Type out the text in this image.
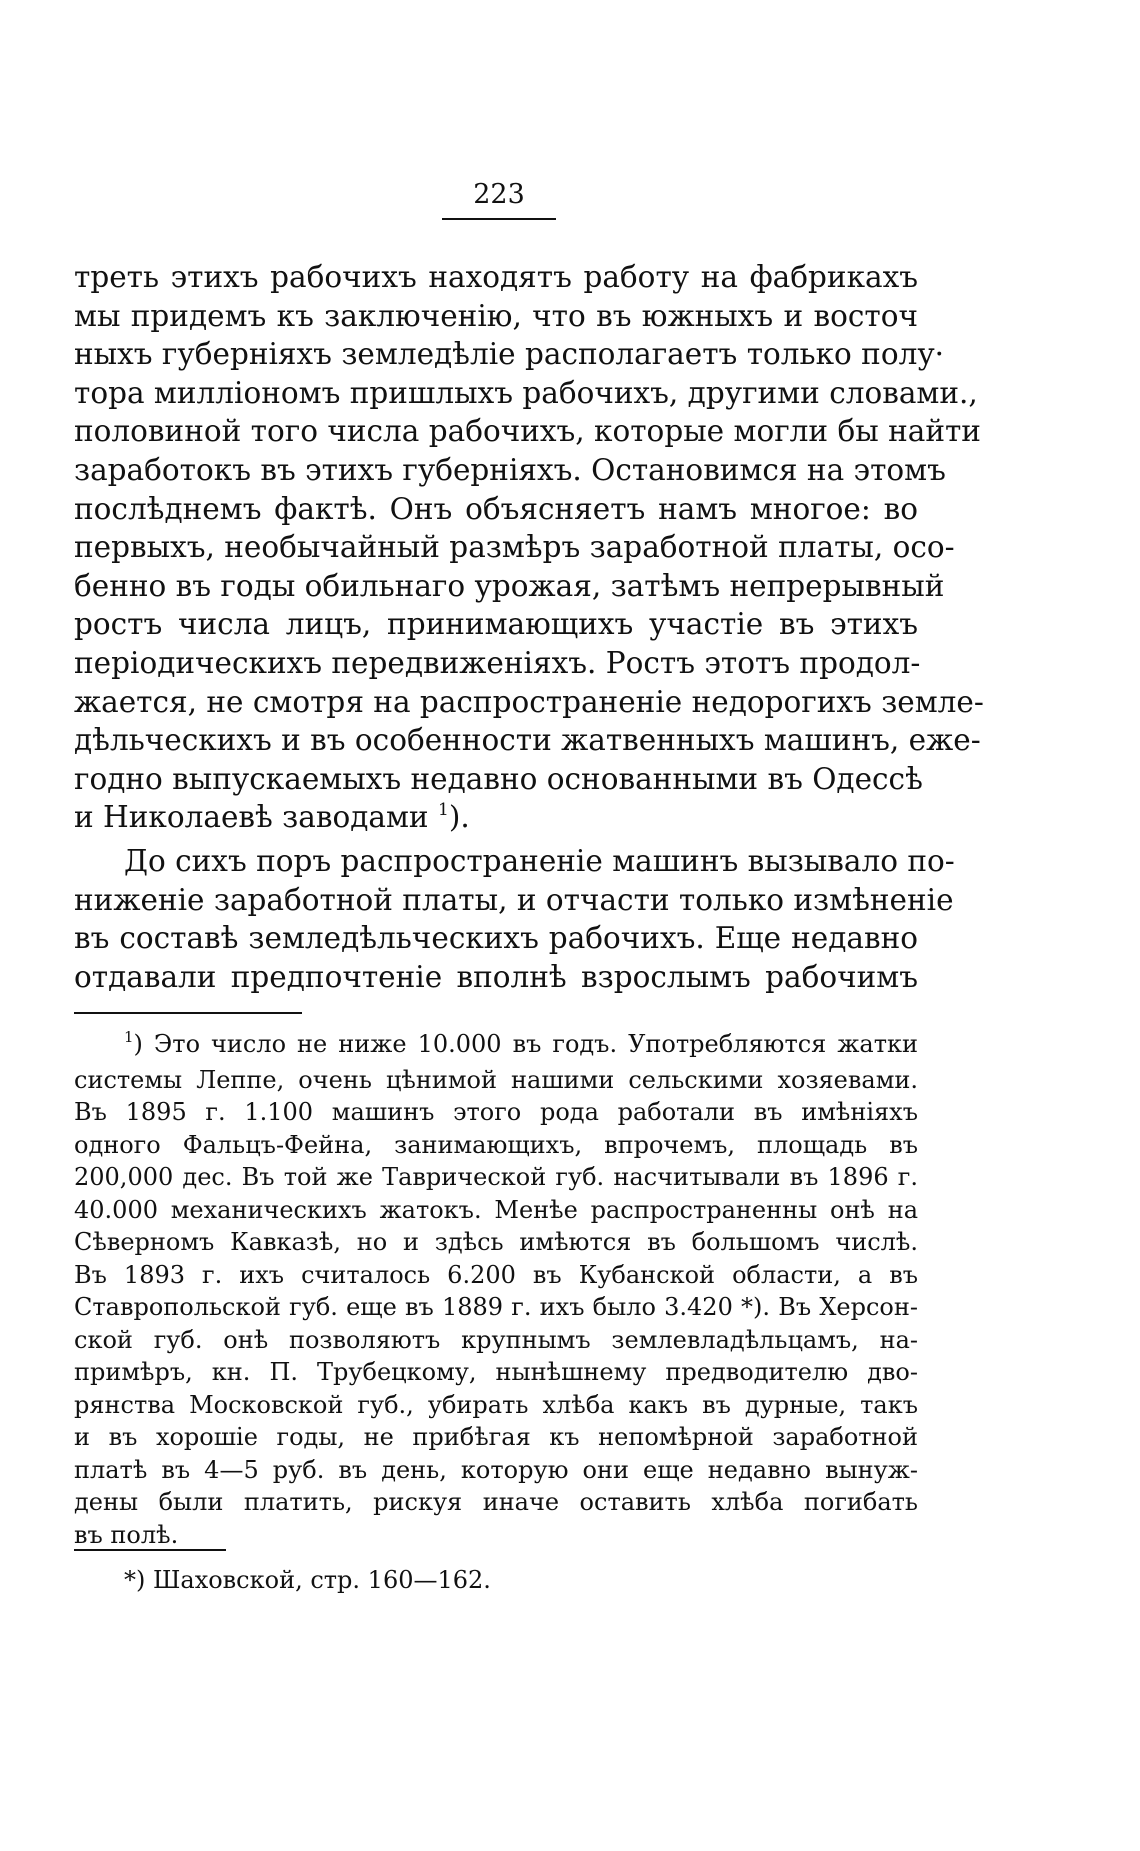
223
треть этихъ рабочихъ находятъ работу на фабрикахъ
мы придемъ къ заключенію, что въ южныхъ и восточ
ныхъ губерніяхъ земледѣліе располагаетъ только полу·
тора милліономъ пришлыхъ рабочихъ, другими словами.,
половиной того числа рабочихъ, которые могли бы найти
заработокъ въ этихъ губерніяхъ. Остановимся на этомъ
послѣднемъ фактѣ. Онъ объясняетъ намъ многое: во
первыхъ, необычайный размѣръ заработной платы, осо-
бенно въ годы обильнаго урожая, затѣмъ непрерывный
ростъ числа лицъ, принимающихъ участіе въ этихъ
періодическихъ передвиженіяхъ. Ростъ этотъ продол-
жается, не смотря на распространеніе недорогихъ земле-
дѣльческихъ и въ особенности жатвенныхъ машинъ, еже-
годно выпускаемыхъ недавно основанными въ Одессѣ
и Николаевѣ заводами $^1$).
До сихъ поръ распространеніе машинъ вызывало по-
ниженіе заработной платы, и отчасти только измѣненіе
въ составѣ земледѣльческихъ рабочихъ. Еще недавно
отдавали предпочтеніе вполнѣ взрослымъ рабочимъ
$^1$) Это число не ниже 10.000 въ годъ. Употребляются жатки
системы Леппе, очень цѣнимой нашими сельскими хозяевами.
Въ 1895 г. 1.100 машинъ этого рода работали въ имѣніяхъ
одного Фальцъ-Фейна, занимающихъ, впрочемъ, площадь въ
200,000 дес. Въ той же Таврической губ. насчитывали въ 1896 г.
40.000 механическихъ жатокъ. Менѣе распространенны онѣ на
Сѣверномъ Кавказѣ, но и здѣсь имѣются въ большомъ числѣ.
Въ 1893 г. ихъ считалось 6.200 въ Кубанской области, а въ
Ставропольской губ. еще въ 1889 г. ихъ было 3.420 *). Въ Херсон-
ской губ. онѣ позволяютъ крупнымъ землевладѣльцамъ, на-
примѣръ, кн. П. Трубецкому, нынѣшнему предводителю дво-
рянства Московской губ., убирать хлѣба какъ въ дурные, такъ
и въ хорошіе годы, не прибѣгая къ непомѣрной заработной
платѣ въ 4—5 руб. въ день, которую они еще недавно вынуж-
дены были платить, рискуя иначе оставить хлѣба погибать
въ полѣ.
*) Шаховской, стр. 160—162.
